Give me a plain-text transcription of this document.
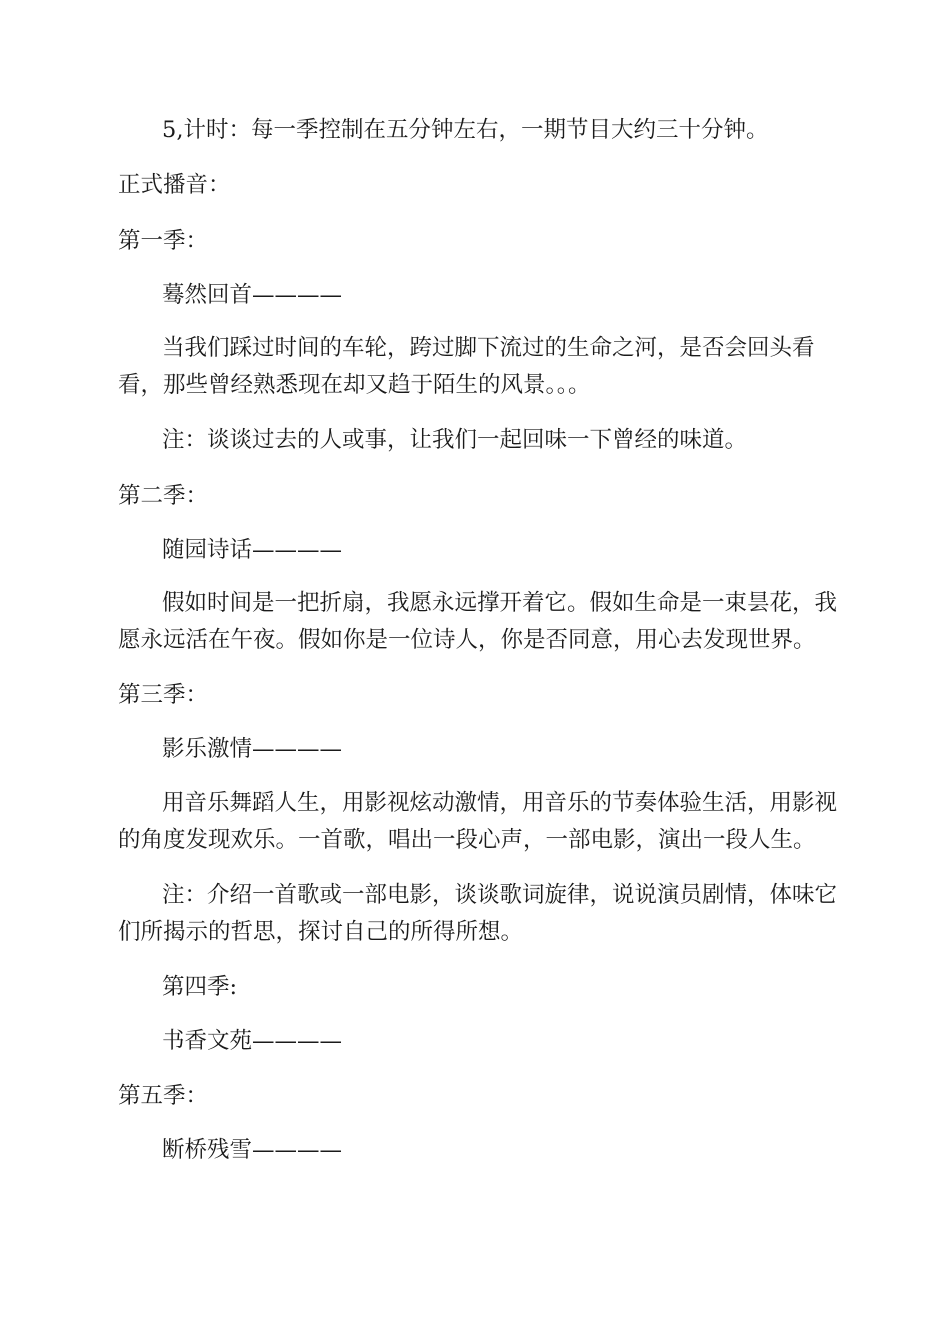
5,计时：每一季控制在五分钟左右，一期节目大约三十分钟。

正式播音：

第一季：

蓦然回首————

当我们踩过时间的车轮，跨过脚下流过的生命之河，是否会回头看

看，那些曾经熟悉现在却又趋于陌生的风景。。。

注：谈谈过去的人或事，让我们一起回味一下曾经的味道。

第二季：

随园诗话————

假如时间是一把折扇，我愿永远撑开着它。假如生命是一束昙花，我

愿永远活在午夜。假如你是一位诗人，你是否同意，用心去发现世界。

第三季：

影乐激情————

用音乐舞蹈人生，用影视炫动激情，用音乐的节奏体验生活，用影视

的角度发现欢乐。一首歌，唱出一段心声，一部电影，演出一段人生。

注：介绍一首歌或一部电影，谈谈歌词旋律，说说演员剧情，体味它

们所揭示的哲思，探讨自己的所得所想。

第四季:

书香文苑————

第五季：

断桥残雪————
